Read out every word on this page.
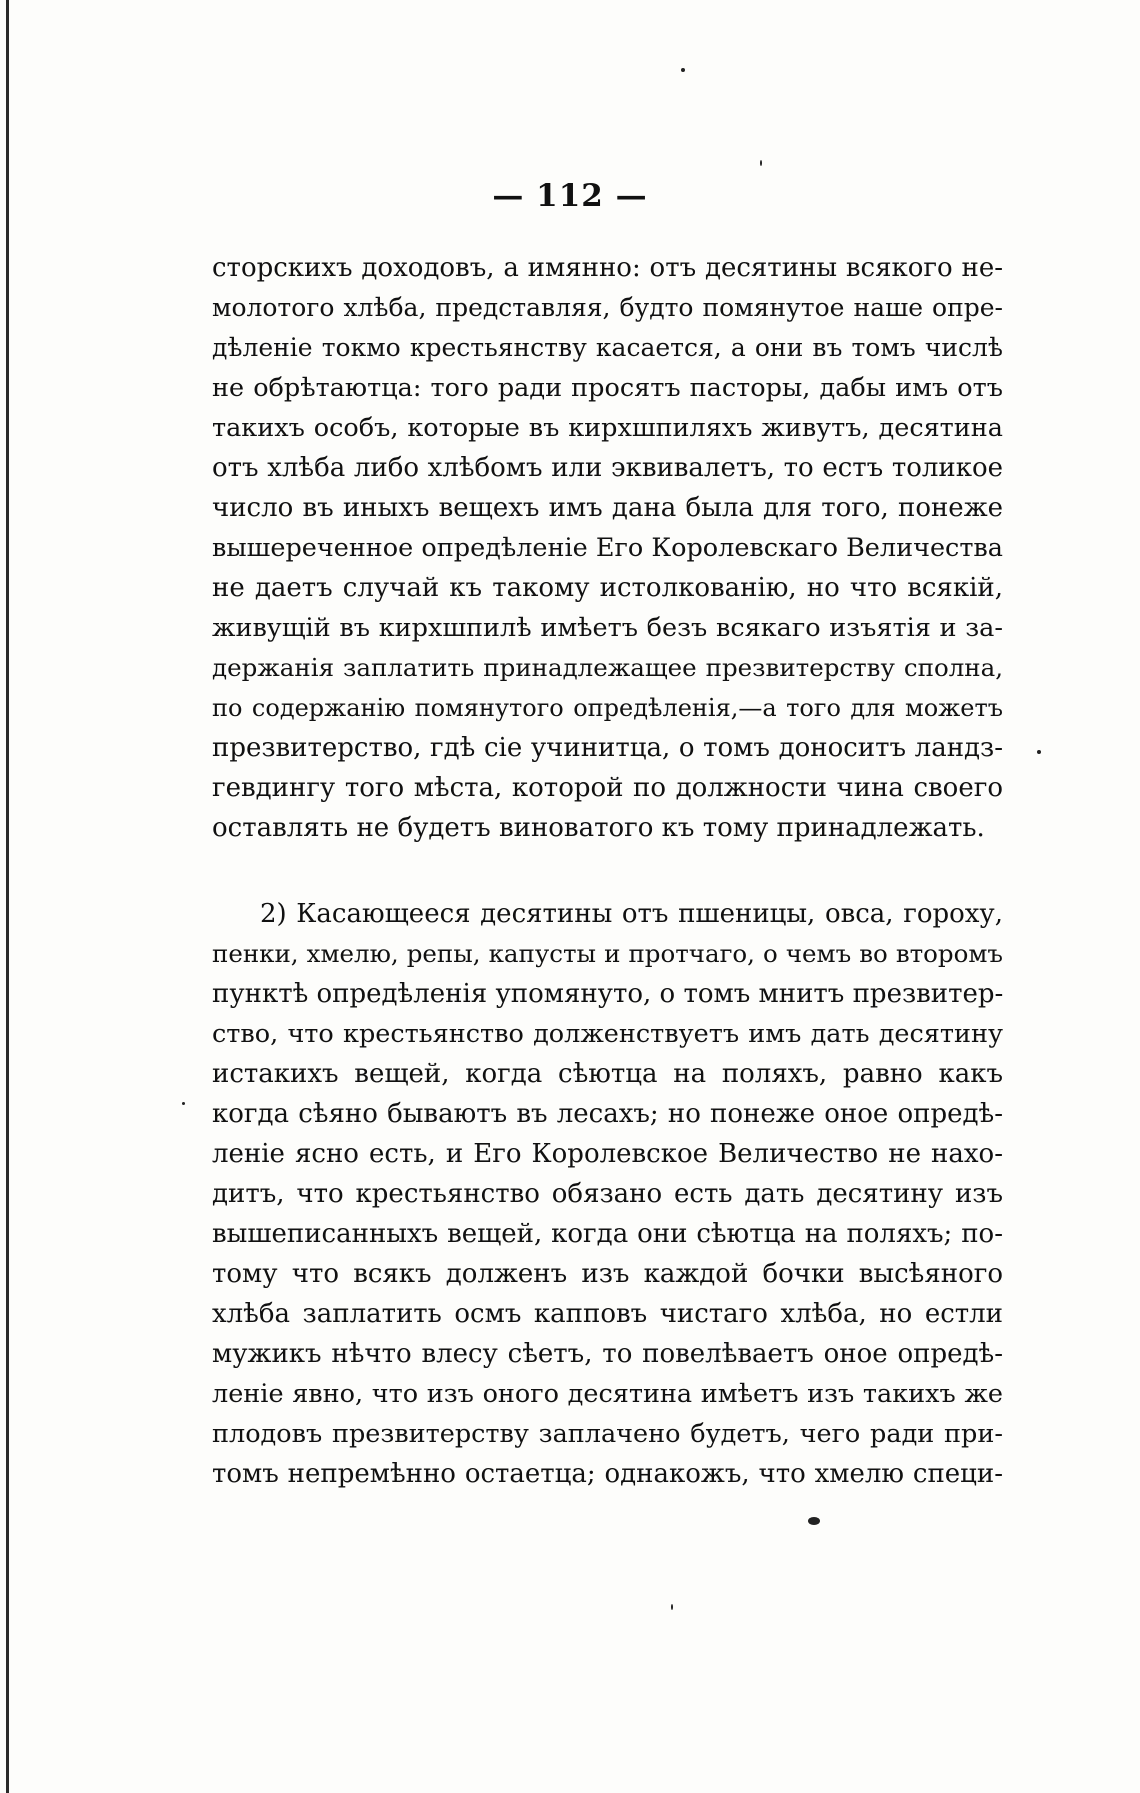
— 112 —
сторскихъ доходовъ, а имянно: отъ десятины всякого не-
молотого хлѣба, представляя, будто помянутое наше опре-
дѣленіе токмо крестьянству касается, а они въ томъ числѣ
не обрѣтаютца: того ради просятъ пасторы, дабы имъ отъ
такихъ особъ, которые въ кирхшпиляхъ живутъ, десятина
отъ хлѣба либо хлѣбомъ или эквивалетъ, то естъ толикое
число въ иныхъ вещехъ имъ дана была для того, понеже
вышереченное опредѣленіе Его Королевскаго Величества
не даетъ случай къ такому истолкованію, но что всякій,
живущій въ кирхшпилѣ имѣетъ безъ всякаго изъятія и за-
держанія заплатить принадлежащее презвитерству сполна,
по содержанію помянутого опредѣленія,—а того для можетъ
презвитерство, гдѣ сіе учинитца, о томъ доноситъ ландз-
гевдингу того мѣста, которой по должности чина своего
оставлять не будетъ виноватого къ тому принадлежать.
2) Касающееся десятины отъ пшеницы, овса, гороху,
пенки, хмелю, репы, капусты и протчаго, о чемъ во второмъ
пунктѣ опредѣленія упомянуто, о томъ мнитъ презвитер-
ство, что крестьянство долженствуетъ имъ дать десятину
истакихъ вещей, когда сѣютца на поляхъ, равно какъ
когда сѣяно бываютъ въ лесахъ; но понеже оное опредѣ-
леніе ясно есть, и Его Королевское Величество не нахо-
дитъ, что крестьянство обязано есть дать десятину изъ
вышеписанныхъ вещей, когда они сѣютца на поляхъ; по-
тому что всякъ долженъ изъ каждой бочки высѣяного
хлѣба заплатить осмъ капповъ чистаго хлѣба, но естли
мужикъ нѣчто влесу сѣетъ, то повелѣваетъ оное опредѣ-
леніе явно, что изъ оного десятина имѣетъ изъ такихъ же
плодовъ презвитерству заплачено будетъ, чего ради при-
томъ непремѣнно остаетца; однакожъ, что хмелю специ-
